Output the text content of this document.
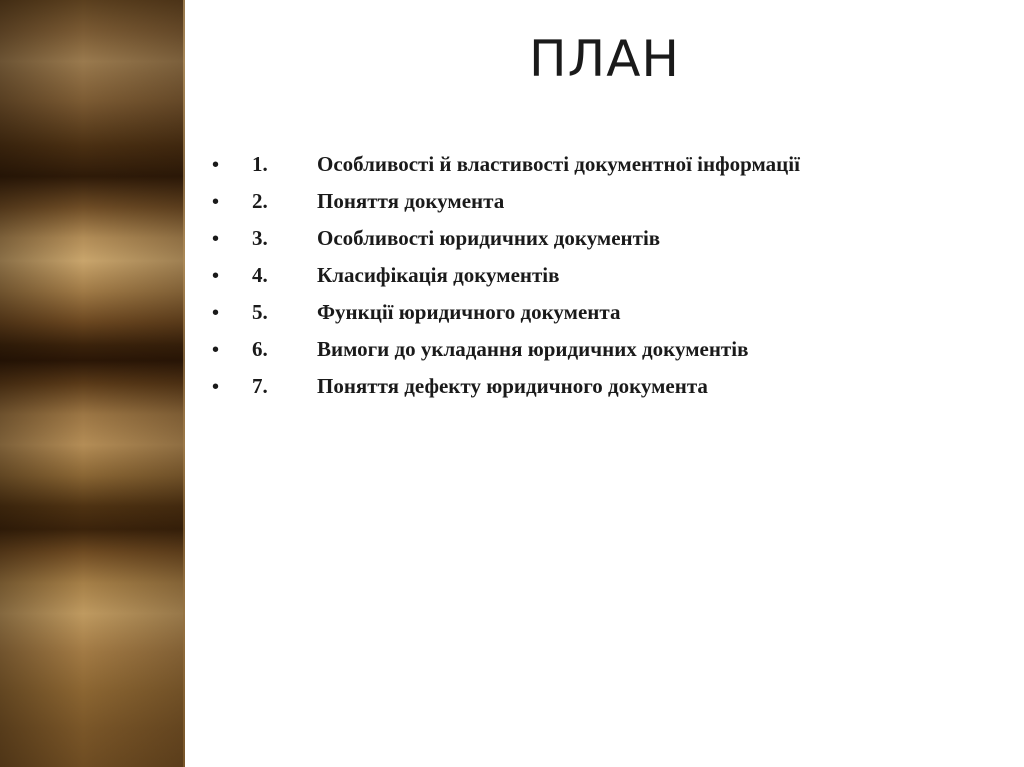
ПЛАН
•	1.	Особливості й властивості документної інформації
•	2.	Поняття документа
•	3.	Особливості юридичних документів
•	4.	Класифікація документів
•	5.	Функції юридичного документа
•	6.	Вимоги до укладання юридичних документів
•	7.	Поняття дефекту юридичного документа
